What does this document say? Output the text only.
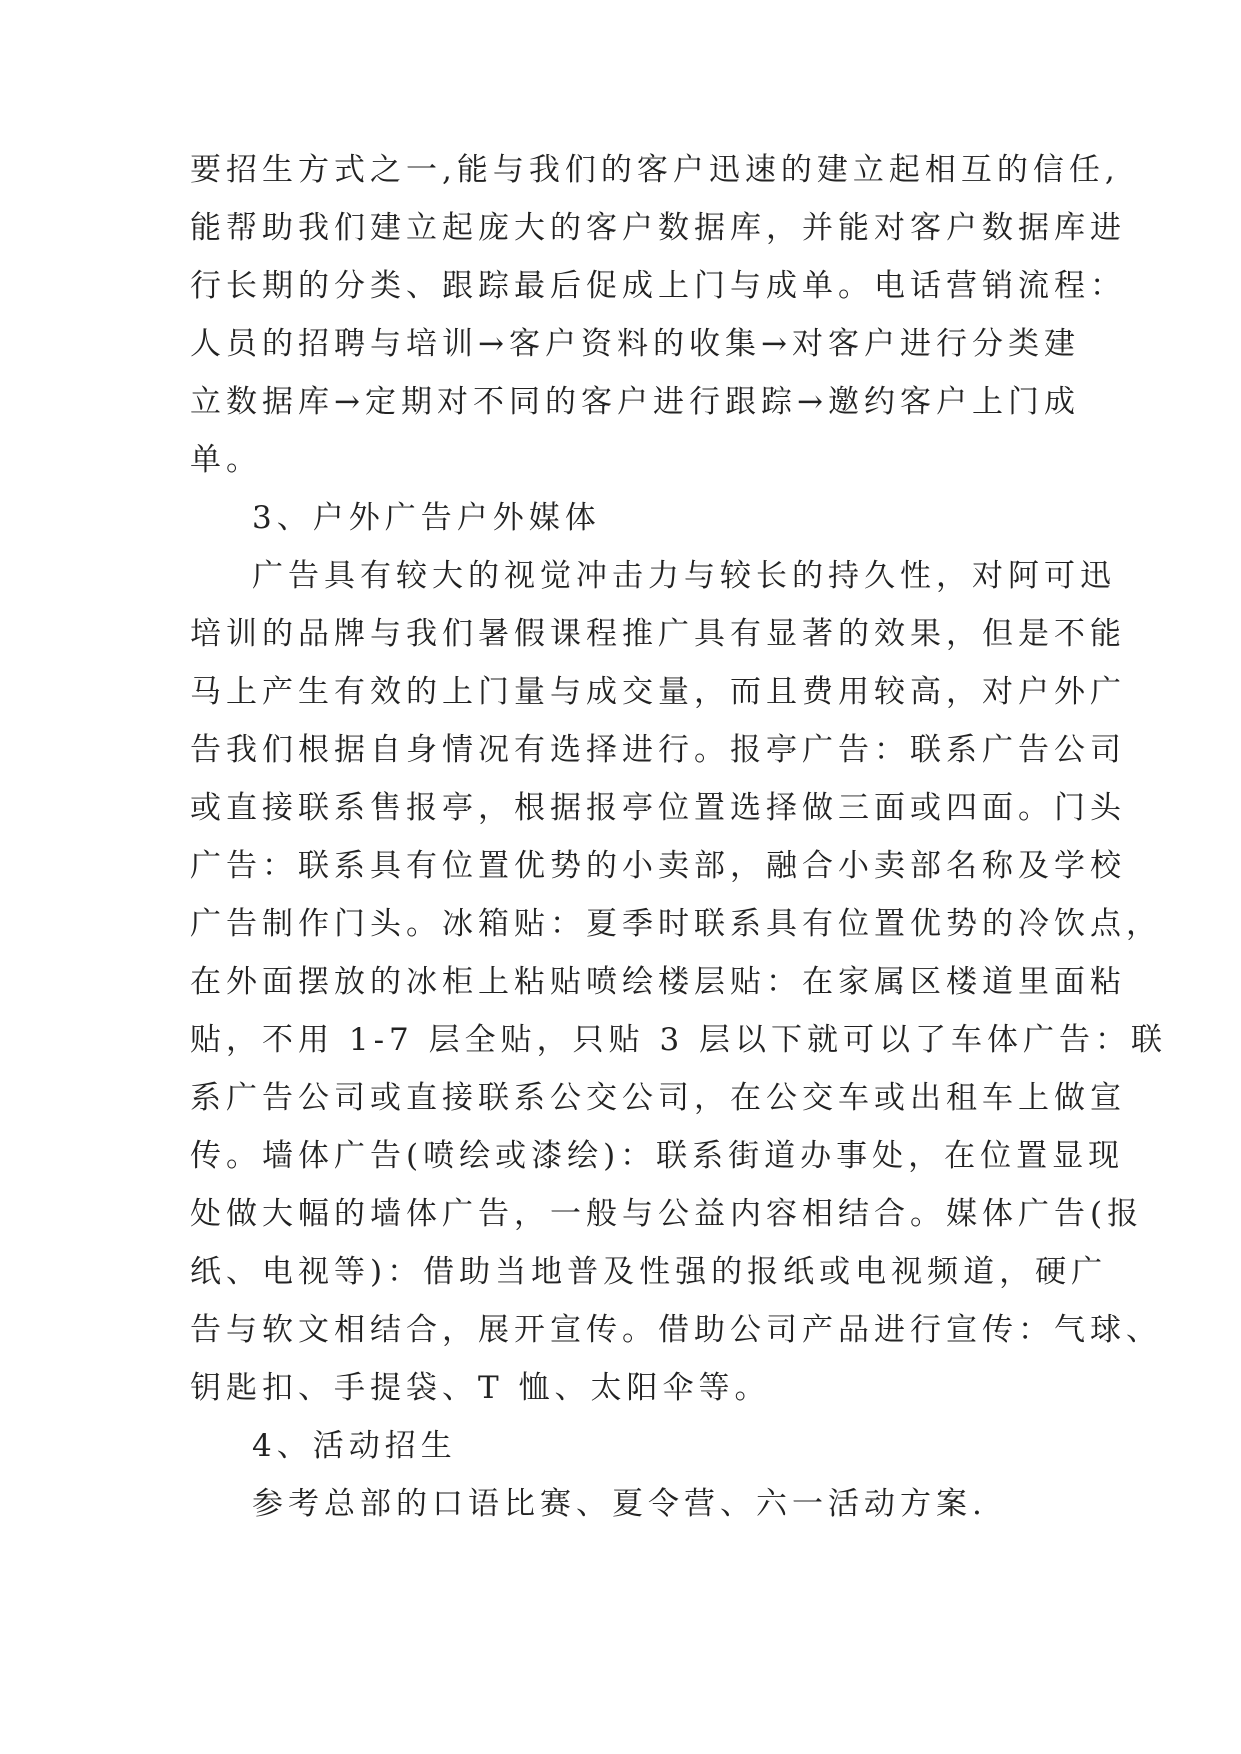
要招生方式之一,能与我们的客户迅速的建立起相互的信任,

能帮助我们建立起庞大的客户数据库，并能对客户数据库进

行长期的分类、跟踪最后促成上门与成单。电话营销流程：

人员的招聘与培训→客户资料的收集→对客户进行分类建

立数据库→定期对不同的客户进行跟踪→邀约客户上门成

单。

3、户外广告户外媒体

广告具有较大的视觉冲击力与较长的持久性，对阿可迅

培训的品牌与我们暑假课程推广具有显著的效果，但是不能

马上产生有效的上门量与成交量，而且费用较高，对户外广

告我们根据自身情况有选择进行。报亭广告：联系广告公司

或直接联系售报亭，根据报亭位置选择做三面或四面。门头

广告：联系具有位置优势的小卖部，融合小卖部名称及学校

广告制作门头。冰箱贴：夏季时联系具有位置优势的冷饮点，

在外面摆放的冰柜上粘贴喷绘楼层贴：在家属区楼道里面粘

贴，不用 1-7 层全贴，只贴 3 层以下就可以了车体广告：联

系广告公司或直接联系公交公司，在公交车或出租车上做宣

传。墙体广告(喷绘或漆绘)：联系街道办事处，在位置显现

处做大幅的墙体广告，一般与公益内容相结合。媒体广告(报

纸、电视等)：借助当地普及性强的报纸或电视频道，硬广

告与软文相结合，展开宣传。借助公司产品进行宣传：气球、

钥匙扣、手提袋、T 恤、太阳伞等。

4、活动招生

参考总部的口语比赛、夏令营、六一活动方案.
